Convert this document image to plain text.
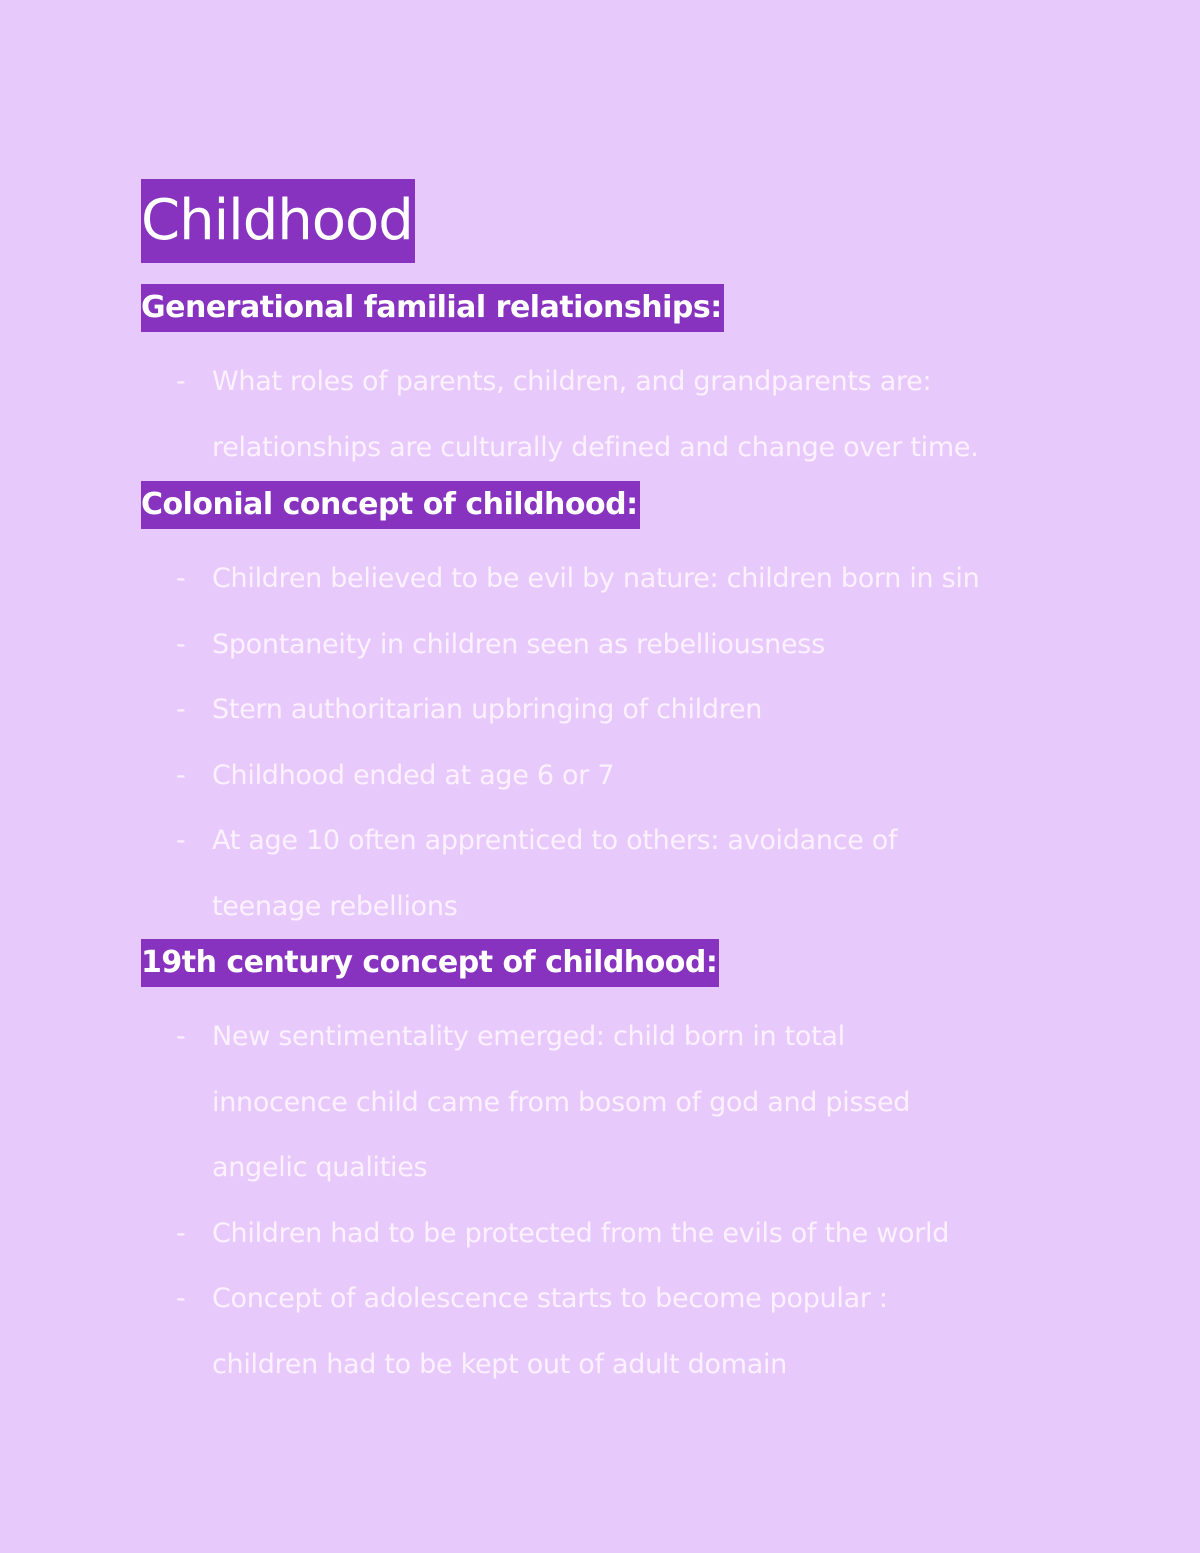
Childhood
Generational familial relationships:
- What roles of parents, children, and grandparents are:
relationships are culturally defined and change over time.
Colonial concept of childhood:
- Children believed to be evil by nature: children born in sin
- Spontaneity in children seen as rebelliousness
- Stern authoritarian upbringing of children
- Childhood ended at age 6 or 7
- At age 10 often apprenticed to others: avoidance of
teenage rebellions
19th century concept of childhood:
- New sentimentality emerged: child born in total
innocence child came from bosom of god and pissed
angelic qualities
- Children had to be protected from the evils of the world
- Concept of adolescence starts to become popular :
children had to be kept out of adult domain
